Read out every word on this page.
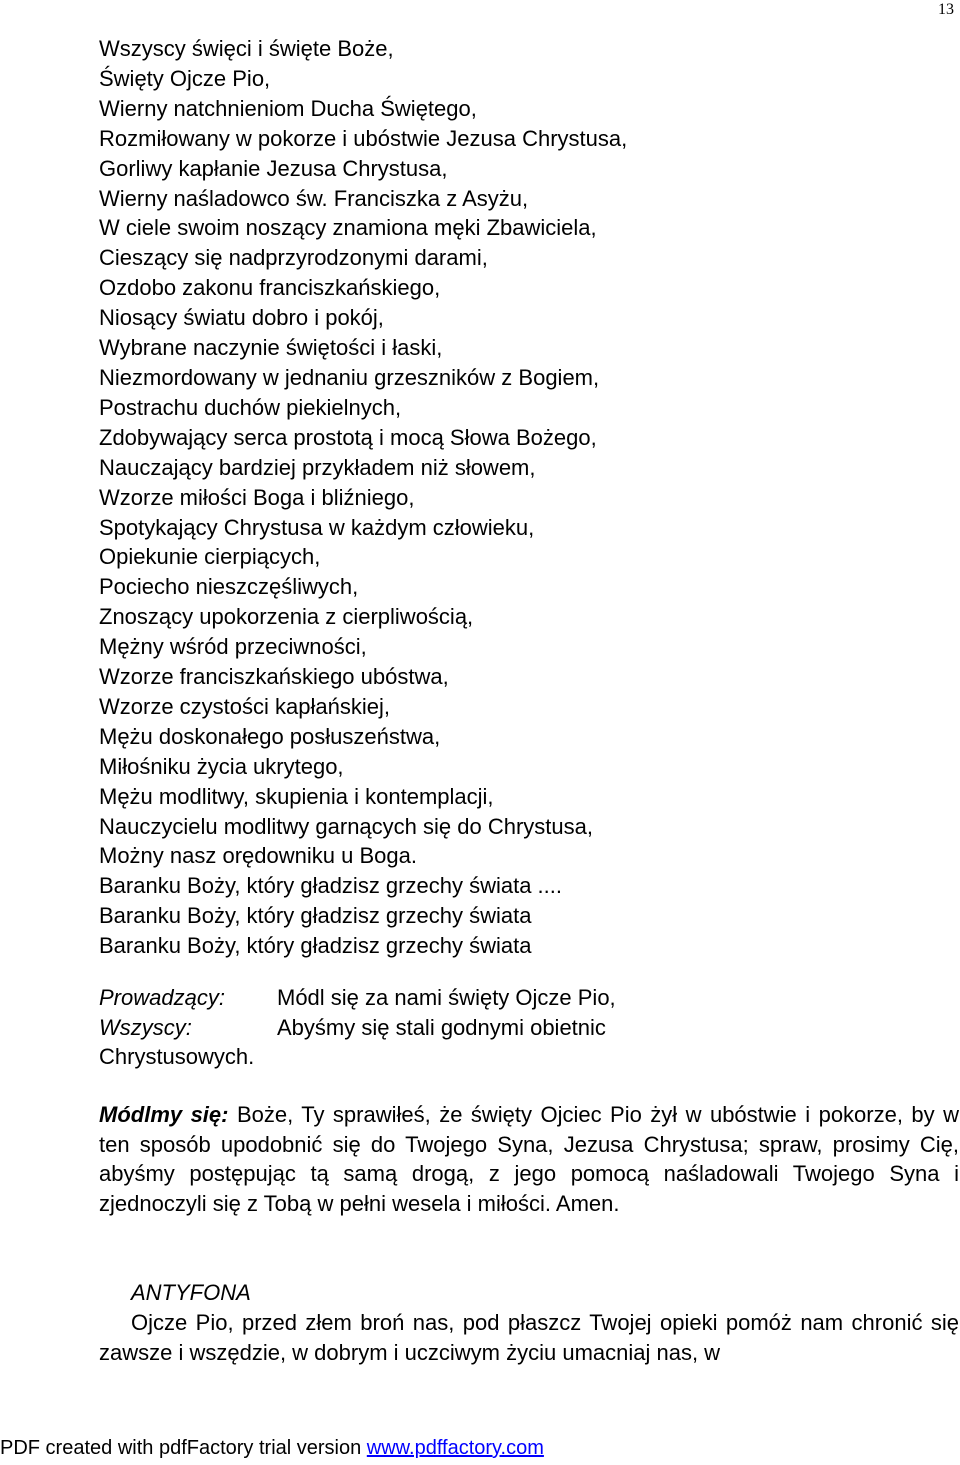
13
Wszyscy święci i święte Boże,
Święty Ojcze Pio,
Wierny natchnieniom Ducha Świętego,
Rozmiłowany w pokorze i ubóstwie Jezusa Chrystusa,
Gorliwy kapłanie Jezusa Chrystusa,
Wierny naśladowco św. Franciszka z Asyżu,
W ciele swoim noszący znamiona męki Zbawiciela,
Cieszący się nadprzyrodzonymi darami,
Ozdobo zakonu franciszkańskiego,
Niosący światu dobro i pokój,
Wybrane naczynie świętości i łaski,
Niezmordowany w jednaniu grzeszników z Bogiem,
Postrachu duchów piekielnych,
Zdobywający serca prostotą i mocą Słowa Bożego,
Nauczający bardziej przykładem niż słowem,
Wzorze miłości Boga i bliźniego,
Spotykający Chrystusa w każdym człowieku,
Opiekunie cierpiących,
Pociecho nieszczęśliwych,
Znoszący upokorzenia z cierpliwością,
Mężny wśród przeciwności,
Wzorze franciszkańskiego ubóstwa,
Wzorze czystości kapłańskiej,
Mężu doskonałego posłuszeństwa,
Miłośniku życia ukrytego,
Mężu modlitwy, skupienia i kontemplacji,
Nauczycielu modlitwy garnących się do Chrystusa,
Możny nasz orędowniku u Boga.
Baranku Boży, który gładzisz grzechy świata ....
Baranku Boży, który gładzisz grzechy świata
Baranku Boży, który gładzisz grzechy świata
Prowadzący: Módl się za nami święty Ojcze Pio,
Wszyscy:	Abyśmy się stali godnymi obietnic
Chrystusowych.
Módlmy się: Boże, Ty sprawiłeś, że święty Ojciec Pio żył w ubóstwie i pokorze, by w ten sposób upodobnić się do Twojego Syna, Jezusa Chrystusa; spraw, prosimy Cię, abyśmy postępując tą samą drogą, z jego pomocą naśladowali Twojego Syna i zjednoczyli się z Tobą w pełni wesela i miłości. Amen.
ANTYFONA
Ojcze Pio, przed złem broń nas, pod płaszcz Twojej opieki pomóż nam chronić się zawsze i wszędzie, w dobrym i uczciwym życiu umacniaj nas, w
PDF created with pdfFactory trial version www.pdffactory.com
